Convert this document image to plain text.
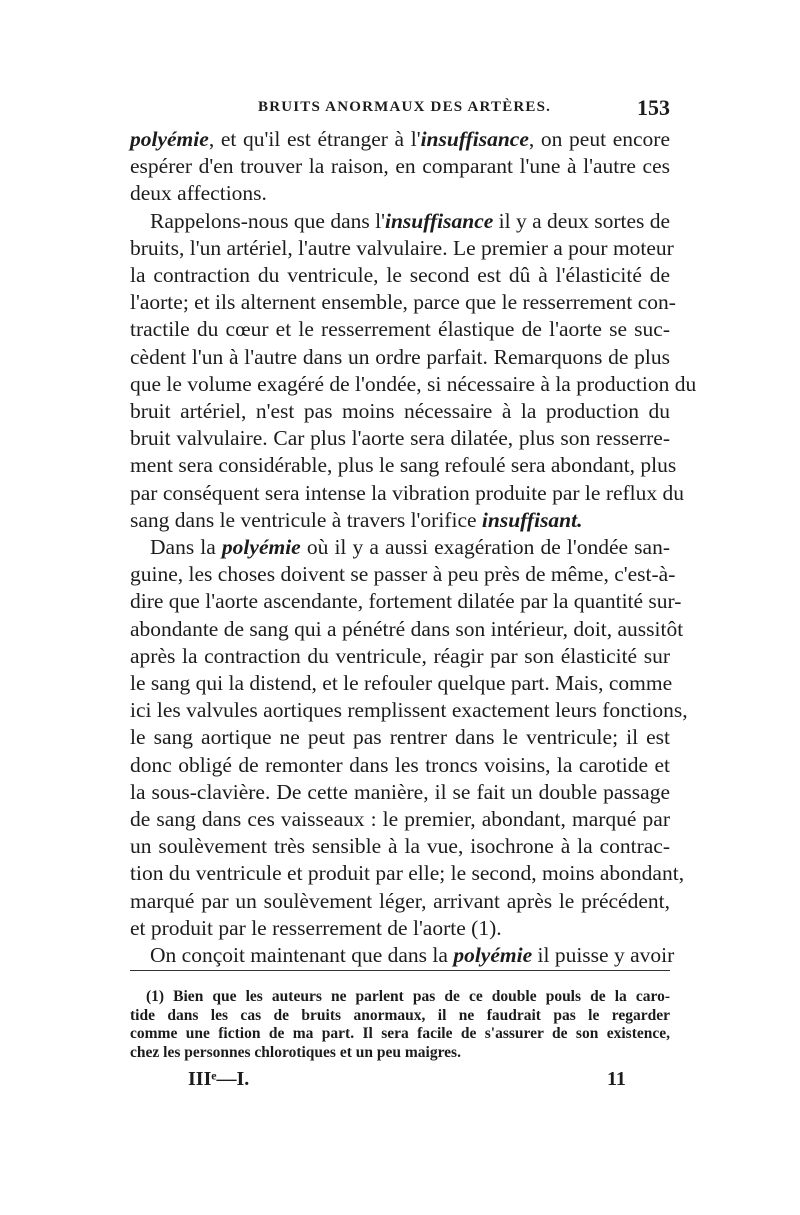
BRUITS ANORMAUX DES ARTÈRES.	153
polyémie, et qu'il est étranger à l'insuffisance, on peut encore
espérer d'en trouver la raison, en comparant l'une à l'autre ces
deux affections.
Rappelons-nous que dans l'insuffisance il y a deux sortes de
bruits, l'un artériel, l'autre valvulaire. Le premier a pour moteur
la contraction du ventricule, le second est dû à l'élasticité de
l'aorte; et ils alternent ensemble, parce que le resserrement con-
tractile du cœur et le resserrement élastique de l'aorte se suc-
cèdent l'un à l'autre dans un ordre parfait. Remarquons de plus
que le volume exagéré de l'ondée, si nécessaire à la production du
bruit artériel, n'est pas moins nécessaire à la production du
bruit valvulaire. Car plus l'aorte sera dilatée, plus son resserre-
ment sera considérable, plus le sang refoulé sera abondant, plus
par conséquent sera intense la vibration produite par le reflux du
sang dans le ventricule à travers l'orifice insuffisant.
Dans la polyémie où il y a aussi exagération de l'ondée san-
guine, les choses doivent se passer à peu près de même, c'est-à-
dire que l'aorte ascendante, fortement dilatée par la quantité sur-
abondante de sang qui a pénétré dans son intérieur, doit, aussitôt
après la contraction du ventricule, réagir par son élasticité sur
le sang qui la distend, et le refouler quelque part. Mais, comme
ici les valvules aortiques remplissent exactement leurs fonctions,
le sang aortique ne peut pas rentrer dans le ventricule; il est
donc obligé de remonter dans les troncs voisins, la carotide et
la sous-clavière. De cette manière, il se fait un double passage
de sang dans ces vaisseaux : le premier, abondant, marqué par
un soulèvement très sensible à la vue, isochrone à la contrac-
tion du ventricule et produit par elle; le second, moins abondant,
marqué par un soulèvement léger, arrivant après le précédent,
et produit par le resserrement de l'aorte (1).
On conçoit maintenant que dans la polyémie il puisse y avoir
(1) Bien que les auteurs ne parlent pas de ce double pouls de la caro-
tide dans les cas de bruits anormaux, il ne faudrait pas le regarder
comme une fiction de ma part. Il sera facile de s'assurer de son existence,
chez les personnes chlorotiques et un peu maigres.
IIIᵉ—I.	11
